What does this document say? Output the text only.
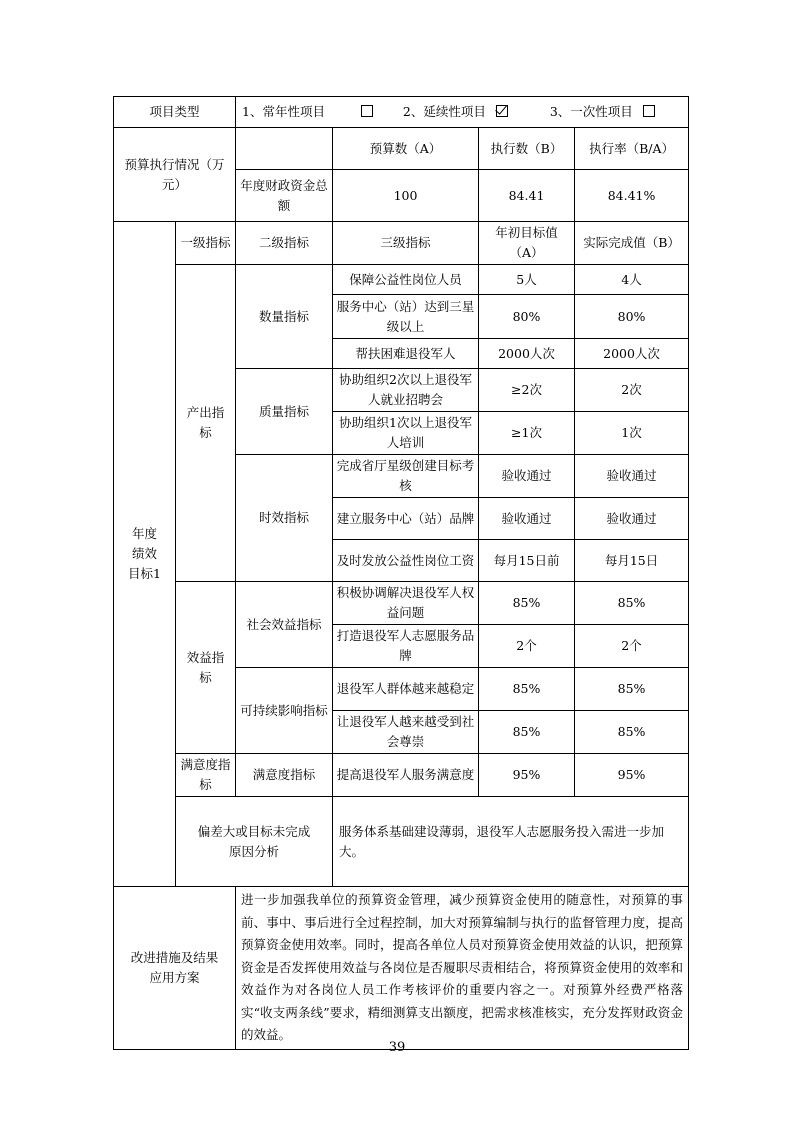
项目类型		1、常年性项目 2、延续性项目 3、一次性项目			
预算执行情况（万元）			预算数（A）	执行数（B）	执行率（B/A）
		年度财政资金总额	100	84.41	84.41%
年度绩效目标1	一级指标	二级指标	三级指标	年初目标值（A）	实际完成值（B）
	产出指标	数量指标	保障公益性岗位人员	5人	4人
			服务中心（站）达到三星级以上	80%	80%
			帮扶困难退役军人	2000人次	2000人次
		质量指标	协助组织2次以上退役军人就业招聘会	≥2次	2次
			协助组织1次以上退役军人培训	≥1次	1次
		时效指标	完成省厅星级创建目标考核	验收通过	验收通过
			建立服务中心（站）品牌	验收通过	验收通过
			及时发放公益性岗位工资	每月15日前	每月15日
	效益指标	社会效益指标	积极协调解决退役军人权益问题	85%	85%
			打造退役军人志愿服务品牌	2个	2个
		可持续影响指标	退役军人群体越来越稳定	85%	85%
			让退役军人越来越受到社会尊崇	85%	85%
	满意度指标	满意度指标	提高退役军人服务满意度	95%	95%
	偏差大或目标未完成原因分析		服务体系基础建设薄弱，退役军人志愿服务投入需进一步加大。		
改进措施及结果应用方案		进一步加强我单位的预算资金管理，减少预算资金使用的随意性，对预算的事前、事中、事后进行全过程控制，加大对预算编制与执行的监督管理力度，提高预算资金使用效率。同时，提高各单位人员对预算资金使用效益的认识，把预算资金是否发挥使用效益与各岗位是否履职尽责相结合，将预算资金使用的效率和效益作为对各岗位人员工作考核评价的重要内容之一。对预算外经费严格落实“收支两条线”要求，精细测算支出额度，把需求核准核实，充分发挥财政资金的效益。			
39
